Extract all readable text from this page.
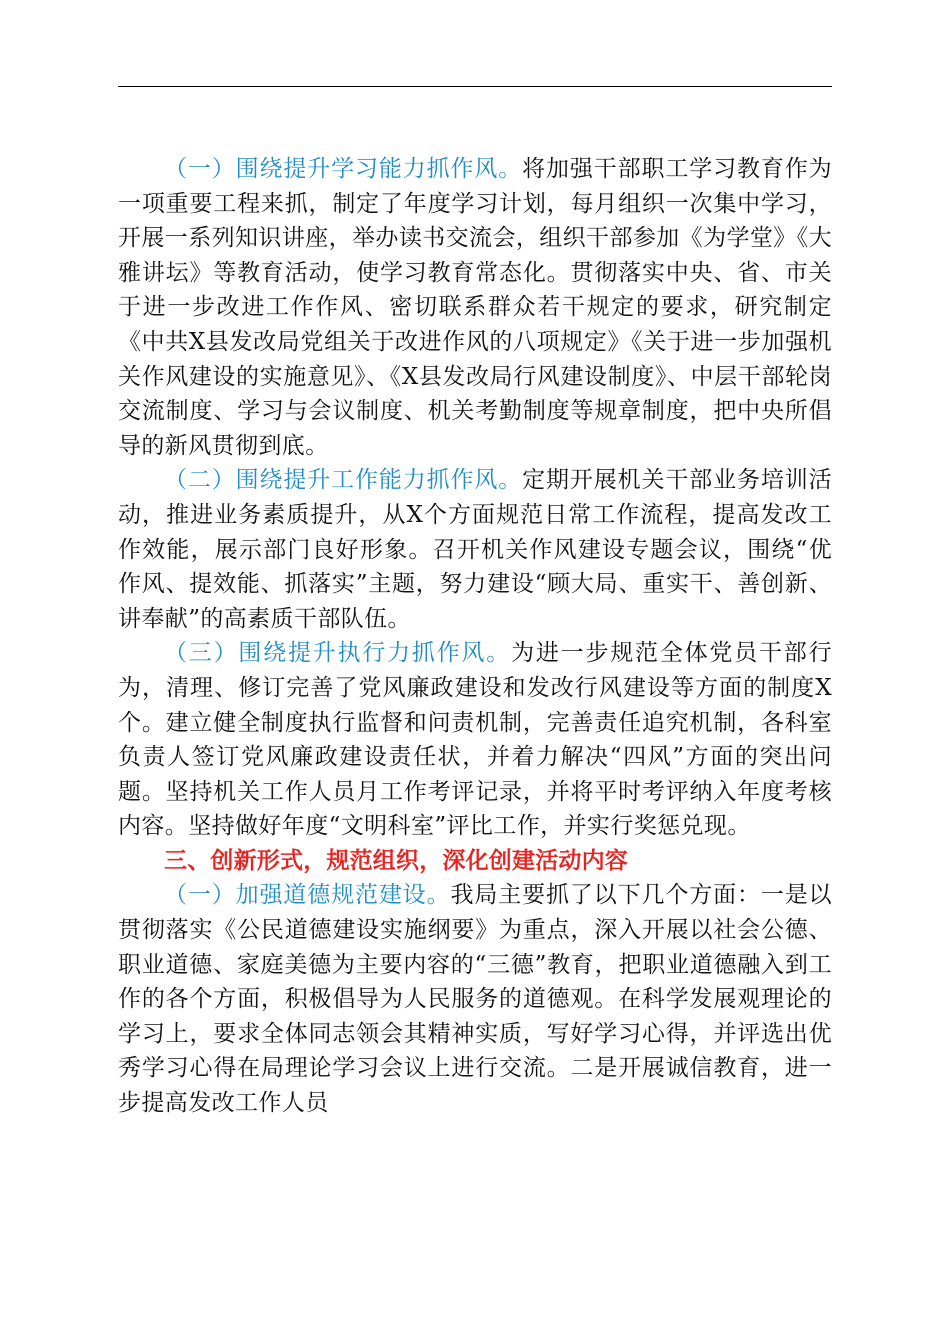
（一）围绕提升学习能力抓作风。将加强干部职工学习教育作为一项重要工程来抓，制定了年度学习计划，每月组织一次集中学习，开展一系列知识讲座，举办读书交流会，组织干部参加《为学堂》《大雅讲坛》等教育活动，使学习教育常态化。贯彻落实中央、省、市关于进一步改进工作作风、密切联系群众若干规定的要求，研究制定《中共X县发改局党组关于改进作风的八项规定》《关于进一步加强机关作风建设的实施意见》、《X县发改局行风建设制度》、中层干部轮岗交流制度、学习与会议制度、机关考勤制度等规章制度，把中央所倡导的新风贯彻到底。

（二）围绕提升工作能力抓作风。定期开展机关干部业务培训活动，推进业务素质提升，从X个方面规范日常工作流程，提高发改工作效能，展示部门良好形象。召开机关作风建设专题会议，围绕“优作风、提效能、抓落实”主题，努力建设“顾大局、重实干、善创新、讲奉献”的高素质干部队伍。

（三）围绕提升执行力抓作风。为进一步规范全体党员干部行为，清理、修订完善了党风廉政建设和发改行风建设等方面的制度X个。建立健全制度执行监督和问责机制，完善责任追究机制，各科室负责人签订党风廉政建设责任状，并着力解决“四风”方面的突出问题。坚持机关工作人员月工作考评记录，并将平时考评纳入年度考核内容。坚持做好年度“文明科室”评比工作，并实行奖惩兑现。

三、创新形式，规范组织，深化创建活动内容

（一）加强道德规范建设。我局主要抓了以下几个方面：一是以贯彻落实《公民道德建设实施纲要》为重点，深入开展以社会公德、职业道德、家庭美德为主要内容的“三德”教育，把职业道德融入到工作的各个方面，积极倡导为人民服务的道德观。在科学发展观理论的学习上，要求全体同志领会其精神实质，写好学习心得，并评选出优秀学习心得在局理论学习会议上进行交流。二是开展诚信教育，进一步提高发改工作人员
